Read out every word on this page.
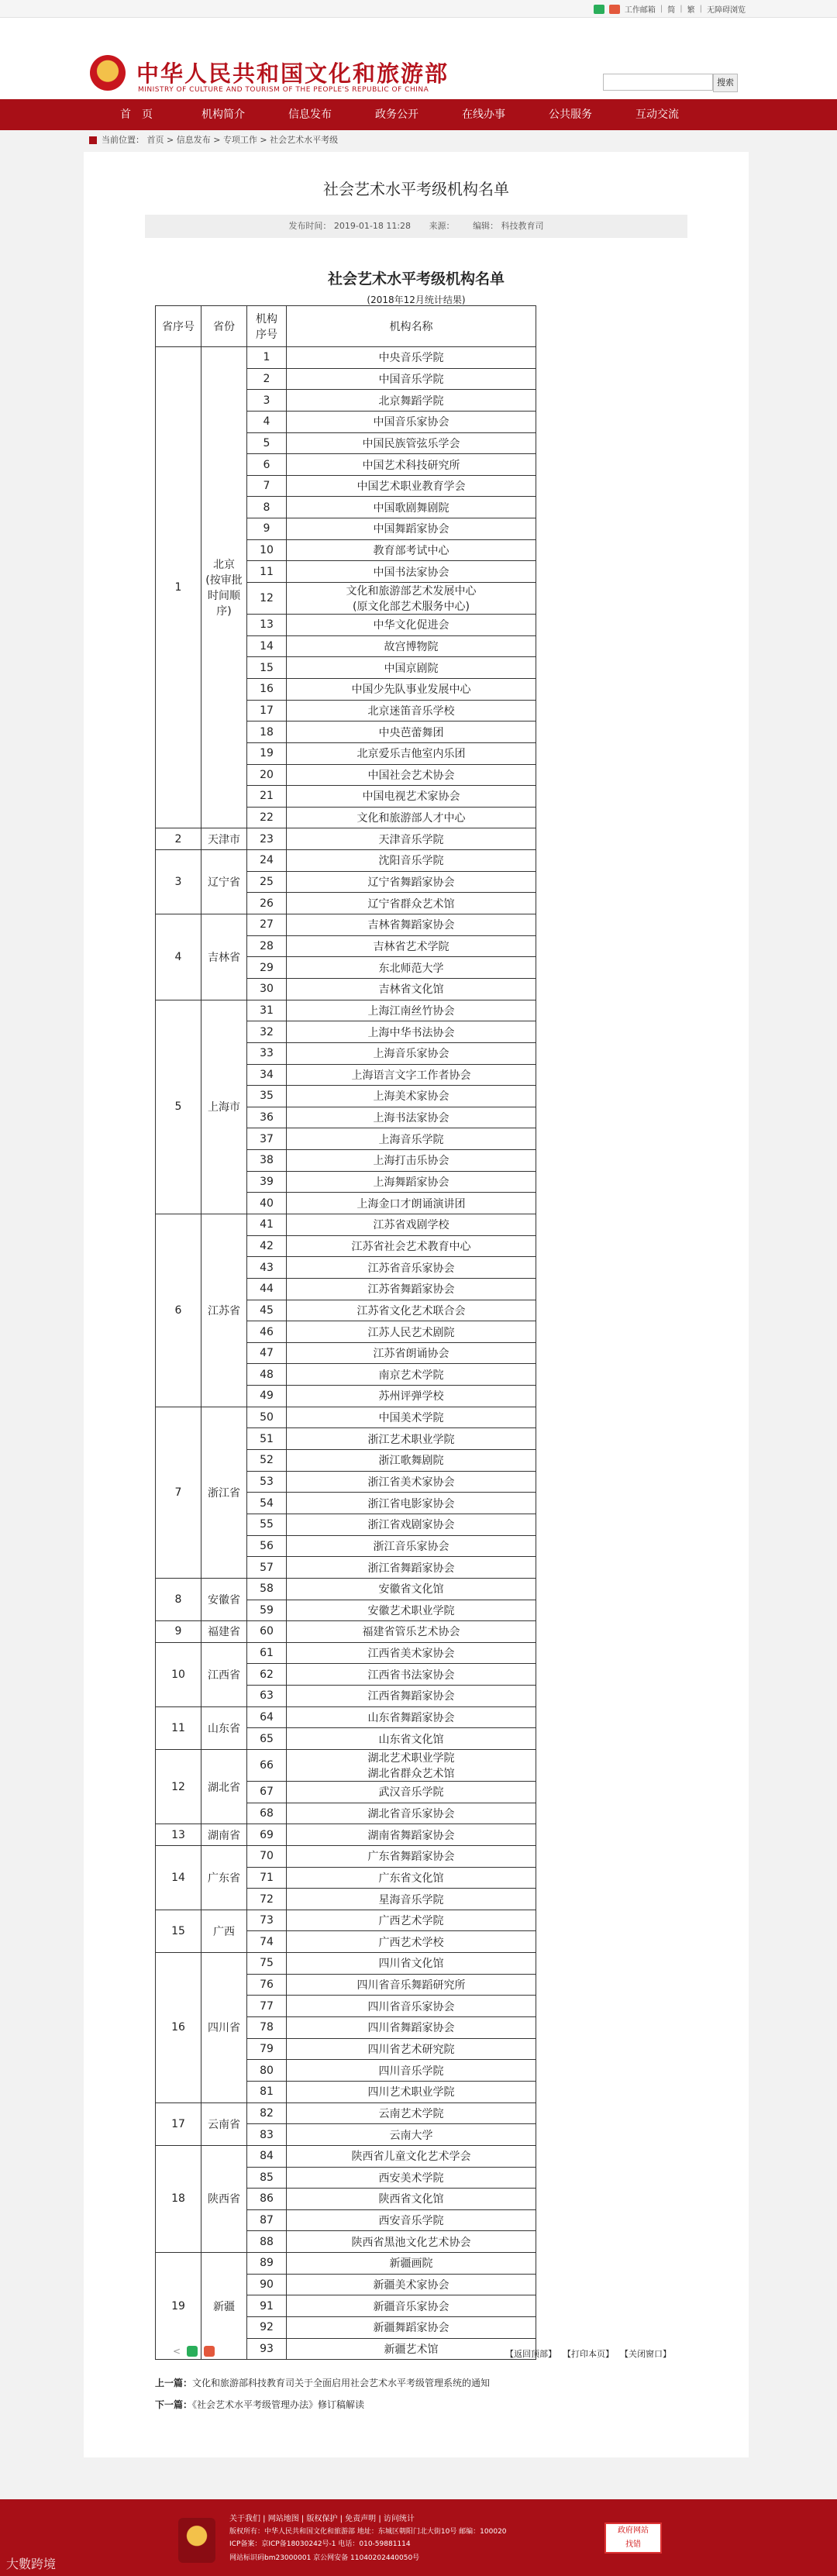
工作邮箱 | 简 | 繁 | 无障碍浏览
中华人民共和国文化和旅游部
MINISTRY OF CULTURE AND TOURISM OF THE PEOPLE'S REPUBLIC OF CHINA
搜索
首　页	机构简介	信息发布	政务公开	在线办事	公共服务	互动交流
当前位置： 首页 > 信息发布 > 专项工作 > 社会艺术水平考级
社会艺术水平考级机构名单
发布时间： 2019-01-18 11:28 来源： 编辑： 科技教育司
社会艺术水平考级机构名单
(2018年12月统计结果)
省序号	省份	机构
序号	机构名称
1	北京
(按审批
时间顺
序)	1	中央音乐学院
		2	中国音乐学院
		3	北京舞蹈学院
		4	中国音乐家协会
		5	中国民族管弦乐学会
		6	中国艺术科技研究所
		7	中国艺术职业教育学会
		8	中国歌剧舞剧院
		9	中国舞蹈家协会
		10	教育部考试中心
		11	中国书法家协会
		12	文化和旅游部艺术发展中心
(原文化部艺术服务中心)
		13	中华文化促进会
		14	故宫博物院
		15	中国京剧院
		16	中国少先队事业发展中心
		17	北京迷笛音乐学校
		18	中央芭蕾舞团
		19	北京爱乐吉他室内乐团
		20	中国社会艺术协会
		21	中国电视艺术家协会
		22	文化和旅游部人才中心
2	天津市	23	天津音乐学院
3	辽宁省	24	沈阳音乐学院
		25	辽宁省舞蹈家协会
		26	辽宁省群众艺术馆
4	吉林省	27	吉林省舞蹈家协会
		28	吉林省艺术学院
		29	东北师范大学
		30	吉林省文化馆
5	上海市	31	上海江南丝竹协会
		32	上海中华书法协会
		33	上海音乐家协会
		34	上海语言文字工作者协会
		35	上海美术家协会
		36	上海书法家协会
		37	上海音乐学院
		38	上海打击乐协会
		39	上海舞蹈家协会
		40	上海金口才朗诵演讲团
6	江苏省	41	江苏省戏剧学校
		42	江苏省社会艺术教育中心
		43	江苏省音乐家协会
		44	江苏省舞蹈家协会
		45	江苏省文化艺术联合会
		46	江苏人民艺术剧院
		47	江苏省朗诵协会
		48	南京艺术学院
		49	苏州评弹学校
7	浙江省	50	中国美术学院
		51	浙江艺术职业学院
		52	浙江歌舞剧院
		53	浙江省美术家协会
		54	浙江省电影家协会
		55	浙江省戏剧家协会
		56	浙江音乐家协会
		57	浙江省舞蹈家协会
8	安徽省	58	安徽省文化馆
		59	安徽艺术职业学院
9	福建省	60	福建省管乐艺术协会
10	江西省	61	江西省美术家协会
		62	江西省书法家协会
		63	江西省舞蹈家协会
11	山东省	64	山东省舞蹈家协会
		65	山东省文化馆
12	湖北省	66	湖北艺术职业学院
湖北省群众艺术馆
		67	武汉音乐学院
		68	湖北省音乐家协会
13	湖南省	69	湖南省舞蹈家协会
14	广东省	70	广东省舞蹈家协会
		71	广东省文化馆
		72	星海音乐学院
15	广西	73	广西艺术学院
		74	广西艺术学校
16	四川省	75	四川省文化馆
		76	四川省音乐舞蹈研究所
		77	四川省音乐家协会
		78	四川省舞蹈家协会
		79	四川省艺术研究院
		80	四川音乐学院
		81	四川艺术职业学院
17	云南省	82	云南艺术学院
		83	云南大学
18	陕西省	84	陕西省儿童文化艺术学会
		85	西安美术学院
		86	陕西省文化馆
		87	西安音乐学院
		88	陕西省黑池文化艺术协会
19	新疆	89	新疆画院
		90	新疆美术家协会
		91	新疆音乐家协会
		92	新疆舞蹈家协会
		93	新疆艺术馆
<	【返回顶部】 【打印本页】 【关闭窗口】
上一篇：文化和旅游部科技教育司关于全面启用社会艺术水平考级管理系统的通知
下一篇：《社会艺术水平考级管理办法》修订稿解读
关于我们 | 网站地图 | 版权保护 | 免责声明 | 访问统计
版权所有：中华人民共和国文化和旅游部 地址：东城区朝阳门北大街10号 邮编：100020
ICP备案：京ICP备18030242号-1 电话：010-59881114
网站标识码bm23000001 京公网安备 11040202440050号
政府网站
找错
大數跨境
